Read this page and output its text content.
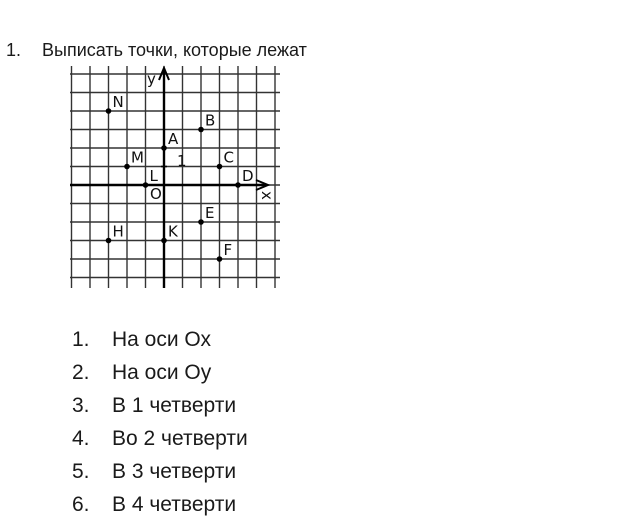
1. Выписать точки, которые лежат
y
x
O
1
N
A
B
M	C
D
L
E
H	K
F
1. На оси Ох
2. На оси Оу
3. В 1 четверти
4. Во 2 четверти
5. В 3 четверти
6. В 4 четверти
